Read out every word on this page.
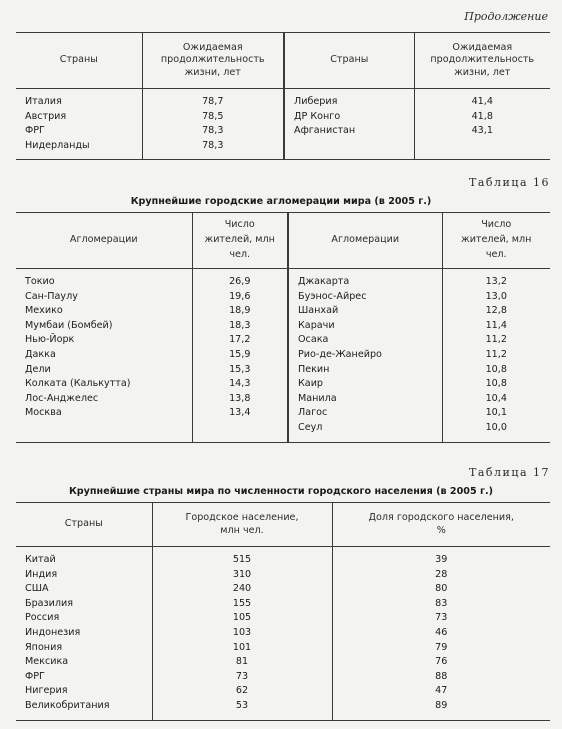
Продолжение
Страны	Ожидаемая продолжительность жизни, лет	Страны	Ожидаемая продолжительность жизни, лет
Италия	78,7	Либерия	41,4
Австрия	78,5	ДР Конго	41,8
ФРГ	78,3	Афганистан	43,1
Нидерланды	78,3		
Таблица 16
Крупнейшие городские агломерации мира (в 2005 г.)
Агломерации	Число жителей, млн чел.	Агломерации	Число жителей, млн чел.
Токио	26,9	Джакарта	13,2
Сан-Паулу	19,6	Буэнос-Айрес	13,0
Мехико	18,9	Шанхай	12,8
Мумбаи (Бомбей)	18,3	Карачи	11,4
Нью-Йорк	17,2	Осака	11,2
Дакка	15,9	Рио-де-Жанейро	11,2
Дели	15,3	Пекин	10,8
Колката (Калькутта)	14,3	Каир	10,8
Лос-Анджелес	13,8	Манила	10,4
Москва	13,4	Лагос	10,1
		Сеул	10,0
Таблица 17
Крупнейшие страны мира по численности городского населения (в 2005 г.)
Страны	Городское население, млн чел.	Доля городского населения, %
Китай	515	39
Индия	310	28
США	240	80
Бразилия	155	83
Россия	105	73
Индонезия	103	46
Япония	101	79
Мексика	81	76
ФРГ	73	88
Нигерия	62	47
Великобритания	53	89
